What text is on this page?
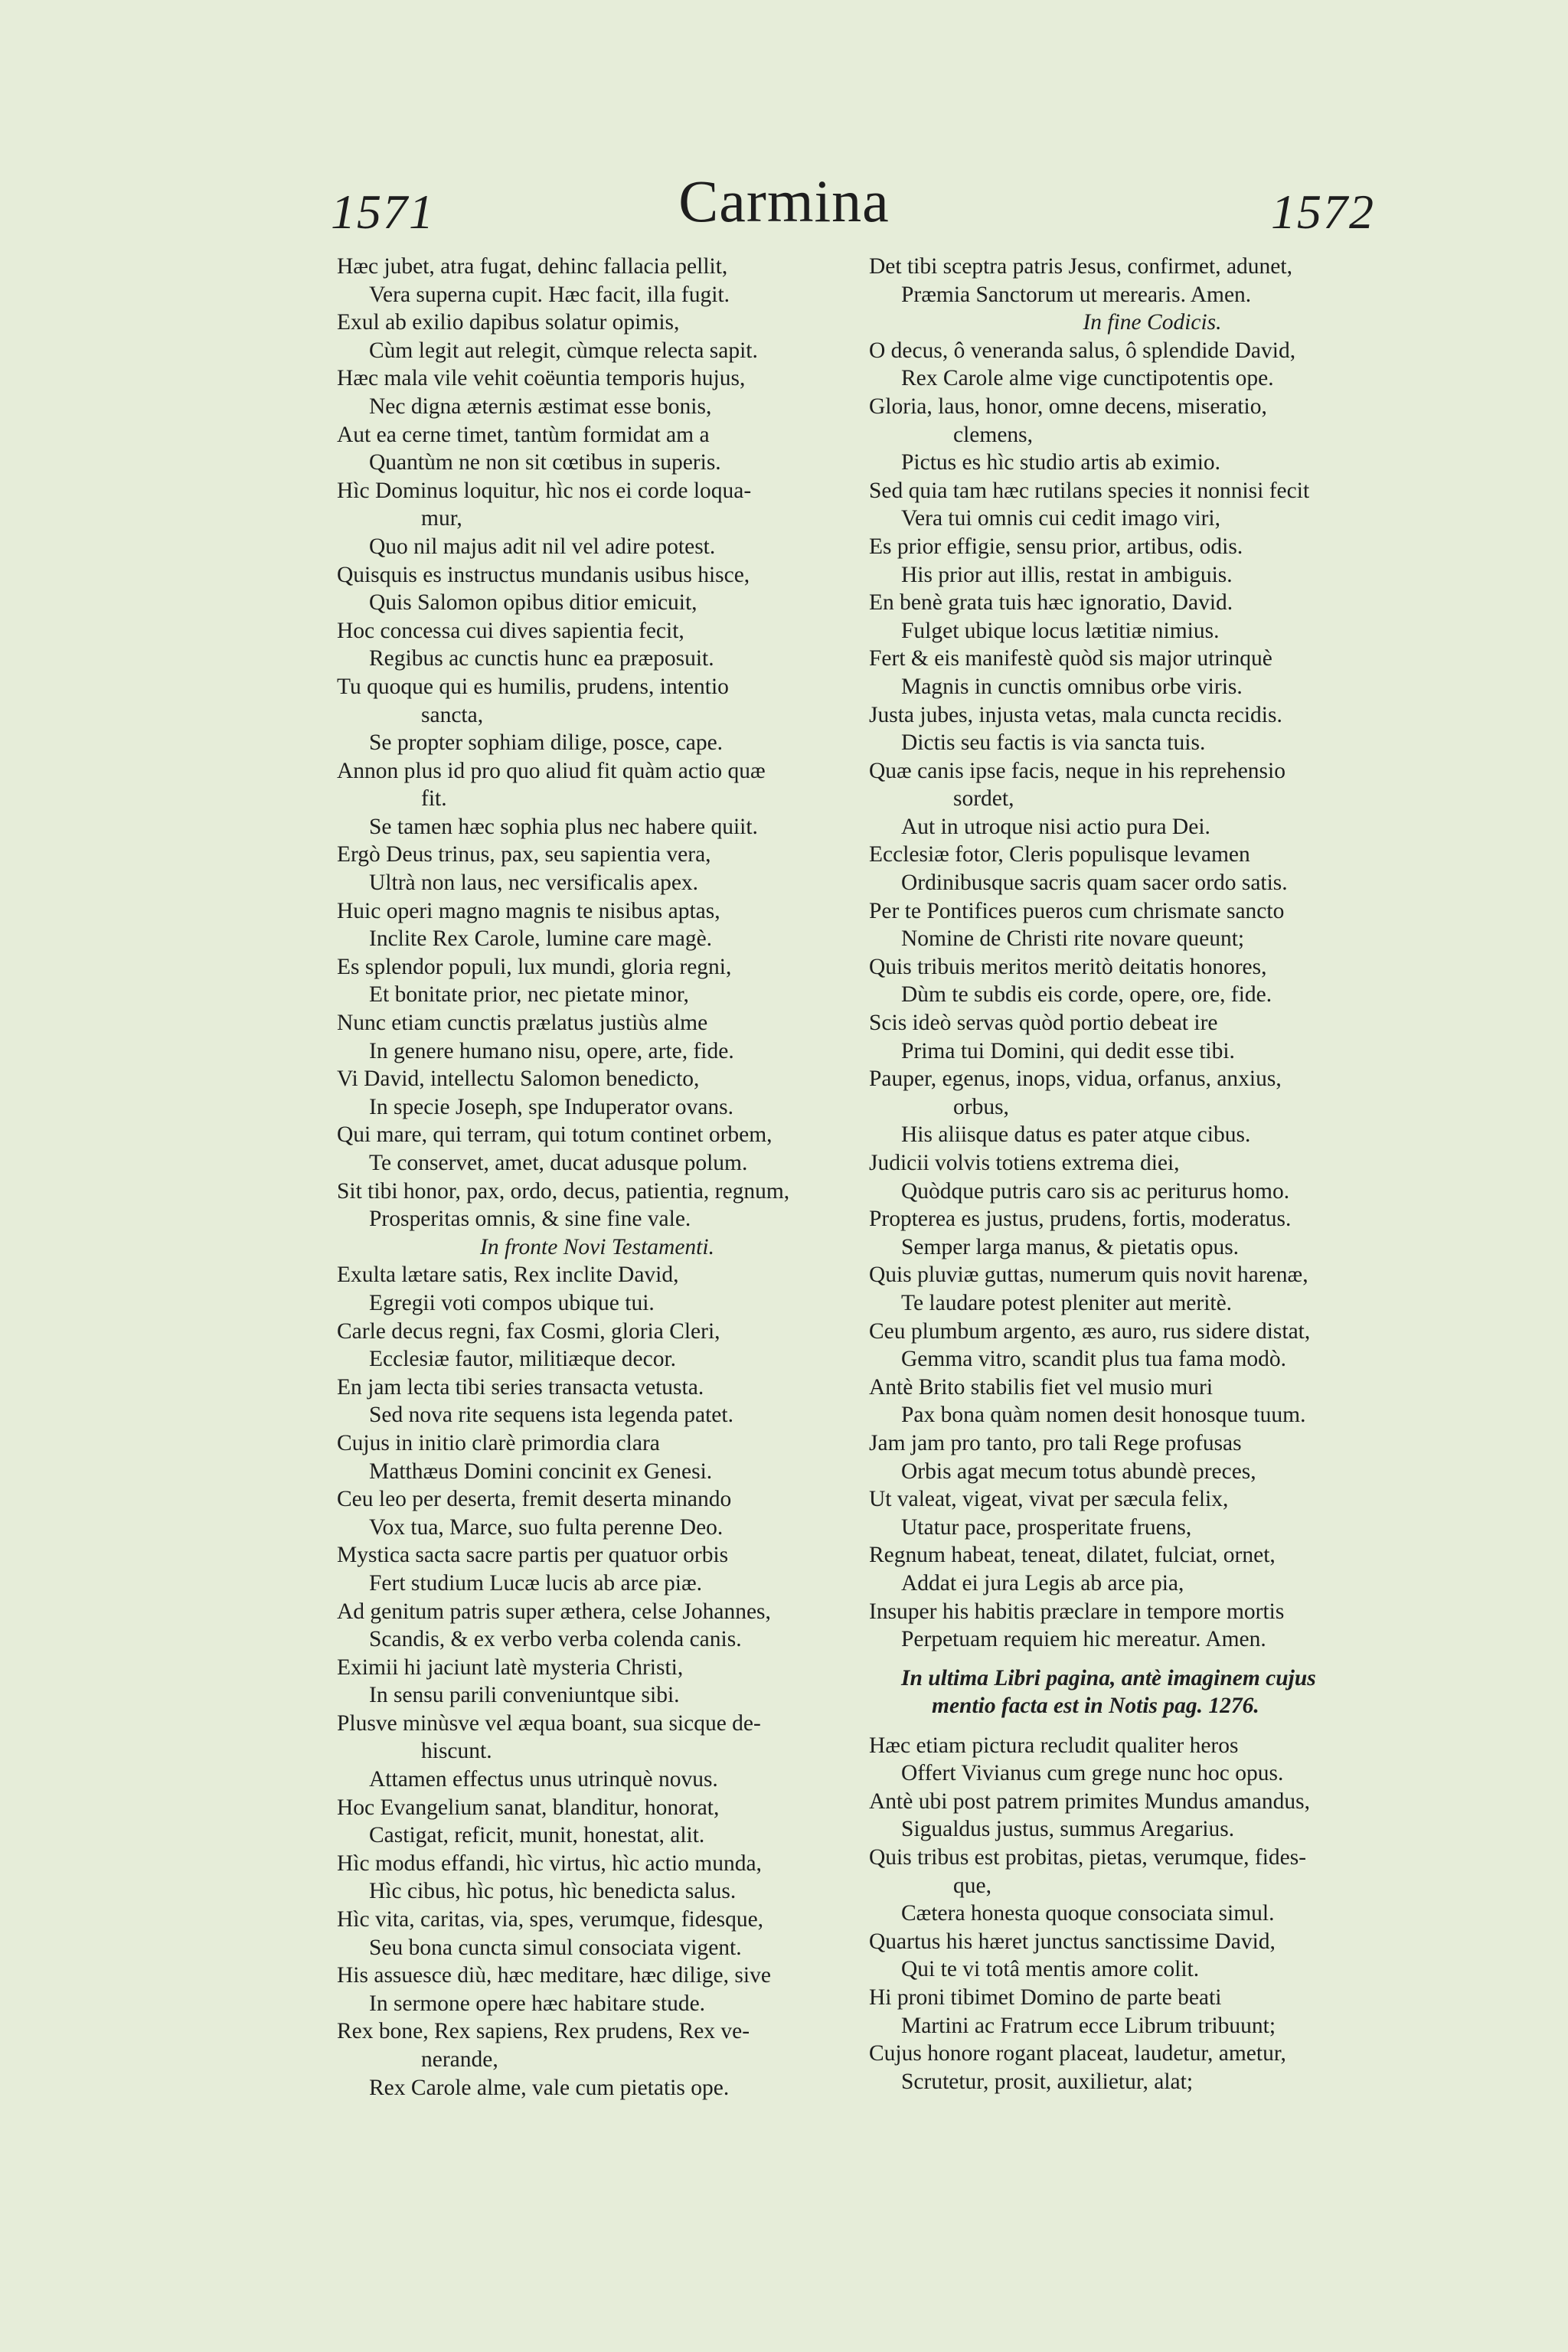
1571	Carmina	1572
Hæc jubet, atra fugat, dehinc fallacia pellit,
Vera superna cupit. Hæc facit, illa fugit.
Exul ab exilio dapibus solatur opimis,
Cùm legit aut relegit, cùmque relecta sapit.
Hæc mala vile vehit coëuntia temporis hujus,
Nec digna æternis æstimat esse bonis,
Aut ea cerne timet, tantùm formidat am a
Quantùm ne non sit cœtibus in superis.
Hìc Dominus loquitur, hìc nos ei corde loqua-
mur,
Quo nil majus adit nil vel adire potest.
Quisquis es instructus mundanis usibus hisce,
Quis Salomon opibus ditior emicuit,
Hoc concessa cui dives sapientia fecit,
Regibus ac cunctis hunc ea præposuit.
Tu quoque qui es humilis, prudens, intentio
sancta,
Se propter sophiam dilige, posce, cape.
Annon plus id pro quo aliud fit quàm actio quæ
fit.
Se tamen hæc sophia plus nec habere quiit.
Ergò Deus trinus, pax, seu sapientia vera,
Ultrà non laus, nec versificalis apex.
Huic operi magno magnis te nisibus aptas,
Inclite Rex Carole, lumine care magè.
Es splendor populi, lux mundi, gloria regni,
Et bonitate prior, nec pietate minor,
Nunc etiam cunctis prælatus justiùs alme
In genere humano nisu, opere, arte, fide.
Vi David, intellectu Salomon benedicto,
In specie Joseph, spe Induperator ovans.
Qui mare, qui terram, qui totum continet orbem,
Te conservet, amet, ducat adusque polum.
Sit tibi honor, pax, ordo, decus, patientia, regnum,
Prosperitas omnis, & sine fine vale.
In fronte Novi Testamenti.
Exulta lætare satis, Rex inclite David,
Egregii voti compos ubique tui.
Carle decus regni, fax Cosmi, gloria Cleri,
Ecclesiæ fautor, militiæque decor.
En jam lecta tibi series transacta vetusta.
Sed nova rite sequens ista legenda patet.
Cujus in initio clarè primordia clara
Matthæus Domini concinit ex Genesi.
Ceu leo per deserta, fremit deserta minando
Vox tua, Marce, suo fulta perenne Deo.
Mystica sacta sacre partis per quatuor orbis
Fert studium Lucæ lucis ab arce piæ.
Ad genitum patris super æthera, celse Johannes,
Scandis, & ex verbo verba colenda canis.
Eximii hi jaciunt latè mysteria Christi,
In sensu parili conveniuntque sibi.
Plusve minùsve vel æqua boant, sua sicque de-
hiscunt.
Attamen effectus unus utrinquè novus.
Hoc Evangelium sanat, blanditur, honorat,
Castigat, reficit, munit, honestat, alit.
Hìc modus effandi, hìc virtus, hìc actio munda,
Hìc cibus, hìc potus, hìc benedicta salus.
Hìc vita, caritas, via, spes, verumque, fidesque,
Seu bona cuncta simul consociata vigent.
His assuesce diù, hæc meditare, hæc dilige, sive
In sermone opere hæc habitare stude.
Rex bone, Rex sapiens, Rex prudens, Rex ve-
nerande,
Rex Carole alme, vale cum pietatis ope.
Det tibi sceptra patris Jesus, confirmet, adunet,
Præmia Sanctorum ut merearis. Amen.
In fine Codicis.
O decus, ô veneranda salus, ô splendide David,
Rex Carole alme vige cunctipotentis ope.
Gloria, laus, honor, omne decens, miseratio,
clemens,
Pictus es hìc studio artis ab eximio.
Sed quia tam hæc rutilans species it nonnisi fecit
Vera tui omnis cui cedit imago viri,
Es prior effigie, sensu prior, artibus, odis.
His prior aut illis, restat in ambiguis.
En benè grata tuis hæc ignoratio, David.
Fulget ubique locus lætitiæ nimius.
Fert & eis manifestè quòd sis major utrinquè
Magnis in cunctis omnibus orbe viris.
Justa jubes, injusta vetas, mala cuncta recidis.
Dictis seu factis is via sancta tuis.
Quæ canis ipse facis, neque in his reprehensio
sordet,
Aut in utroque nisi actio pura Dei.
Ecclesiæ fotor, Cleris populisque levamen
Ordinibusque sacris quam sacer ordo satis.
Per te Pontifices pueros cum chrismate sancto
Nomine de Christi rite novare queunt;
Quis tribuis meritos meritò deitatis honores,
Dùm te subdis eis corde, opere, ore, fide.
Scis ideò servas quòd portio debeat ire
Prima tui Domini, qui dedit esse tibi.
Pauper, egenus, inops, vidua, orfanus, anxius,
orbus,
His aliisque datus es pater atque cibus.
Judicii volvis totiens extrema diei,
Quòdque putris caro sis ac periturus homo.
Propterea es justus, prudens, fortis, moderatus.
Semper larga manus, & pietatis opus.
Quis pluviæ guttas, numerum quis novit harenæ,
Te laudare potest pleniter aut meritè.
Ceu plumbum argento, æs auro, rus sidere distat,
Gemma vitro, scandit plus tua fama modò.
Antè Brito stabilis fiet vel musio muri
Pax bona quàm nomen desit honosque tuum.
Jam jam pro tanto, pro tali Rege profusas
Orbis agat mecum totus abundè preces,
Ut valeat, vigeat, vivat per sæcula felix,
Utatur pace, prosperitate fruens,
Regnum habeat, teneat, dilatet, fulciat, ornet,
Addat ei jura Legis ab arce pia,
Insuper his habitis præclare in tempore mortis
Perpetuam requiem hic mereatur. Amen.
In ultima Libri pagina, antè imaginem cujus
mentio facta est in Notis pag. 1276.
Hæc etiam pictura recludit qualiter heros
Offert Vivianus cum grege nunc hoc opus.
Antè ubi post patrem primites Mundus amandus,
Sigualdus justus, summus Aregarius.
Quis tribus est probitas, pietas, verumque, fides-
que,
Cætera honesta quoque consociata simul.
Quartus his hæret junctus sanctissime David,
Qui te vi totâ mentis amore colit.
Hi proni tibimet Domino de parte beati
Martini ac Fratrum ecce Librum tribuunt;
Cujus honore rogant placeat, laudetur, ametur,
Scrutetur, prosit, auxilietur, alat;
